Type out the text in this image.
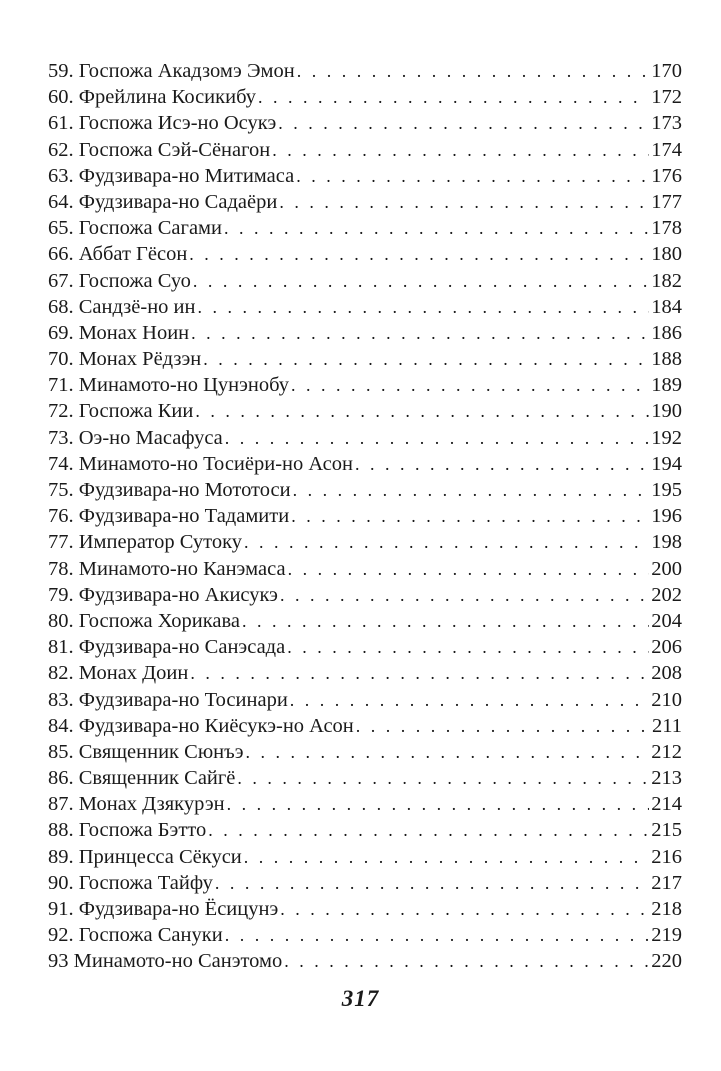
59. Госпожа Акадзомэ Эмон . . .	170
60. Фрейлина Косикибу . . .	172
61. Госпожа Исэ-но Осукэ . . .	173
62. Госпожа Сэй-Сёнагон . . .	174
63. Фудзивара-но Митимаса . . .	176
64. Фудзивара-но Садаёри . . .	177
65. Госпожа Сагами . . .	178
66. Аббат Гёсон . . .	180
67. Госпожа Суо . . .	182
68. Сандзё-но ин . . .	184
69. Монах Ноин . . .	186
70. Монах Рёдзэн . . .	188
71. Минамото-но Цунэнобу . . .	189
72. Госпожа Кии . . .	190
73. Оэ-но Масафуса . . .	192
74. Минамото-но Тосиёри-но Асон . . .	194
75. Фудзивара-но Мототоси . . .	195
76. Фудзивара-но Тадамити . . .	196
77. Император Сутоку . . .	198
78. Минамото-но Канэмаса . . .	200
79. Фудзивара-но Акисукэ . . .	202
80. Госпожа Хорикава . . .	204
81. Фудзивара-но Санэсада . . .	206
82. Монах Доин . . .	208
83. Фудзивара-но Тосинари . . .	210
84. Фудзивара-но Киёсукэ-но Асон . . .	211
85. Священник Сюнъэ . . .	212
86. Священник Сайгё . . .	213
87. Монах Дзякурэн . . .	214
88. Госпожа Бэтто . . .	215
89. Принцесса Сёкуси . . .	216
90. Госпожа Тайфу . . .	217
91. Фудзивара-но Ёсицунэ . . .	218
92. Госпожа Сануки . . .	219
93 Минамото-но Санэтомо . . .	220
317
